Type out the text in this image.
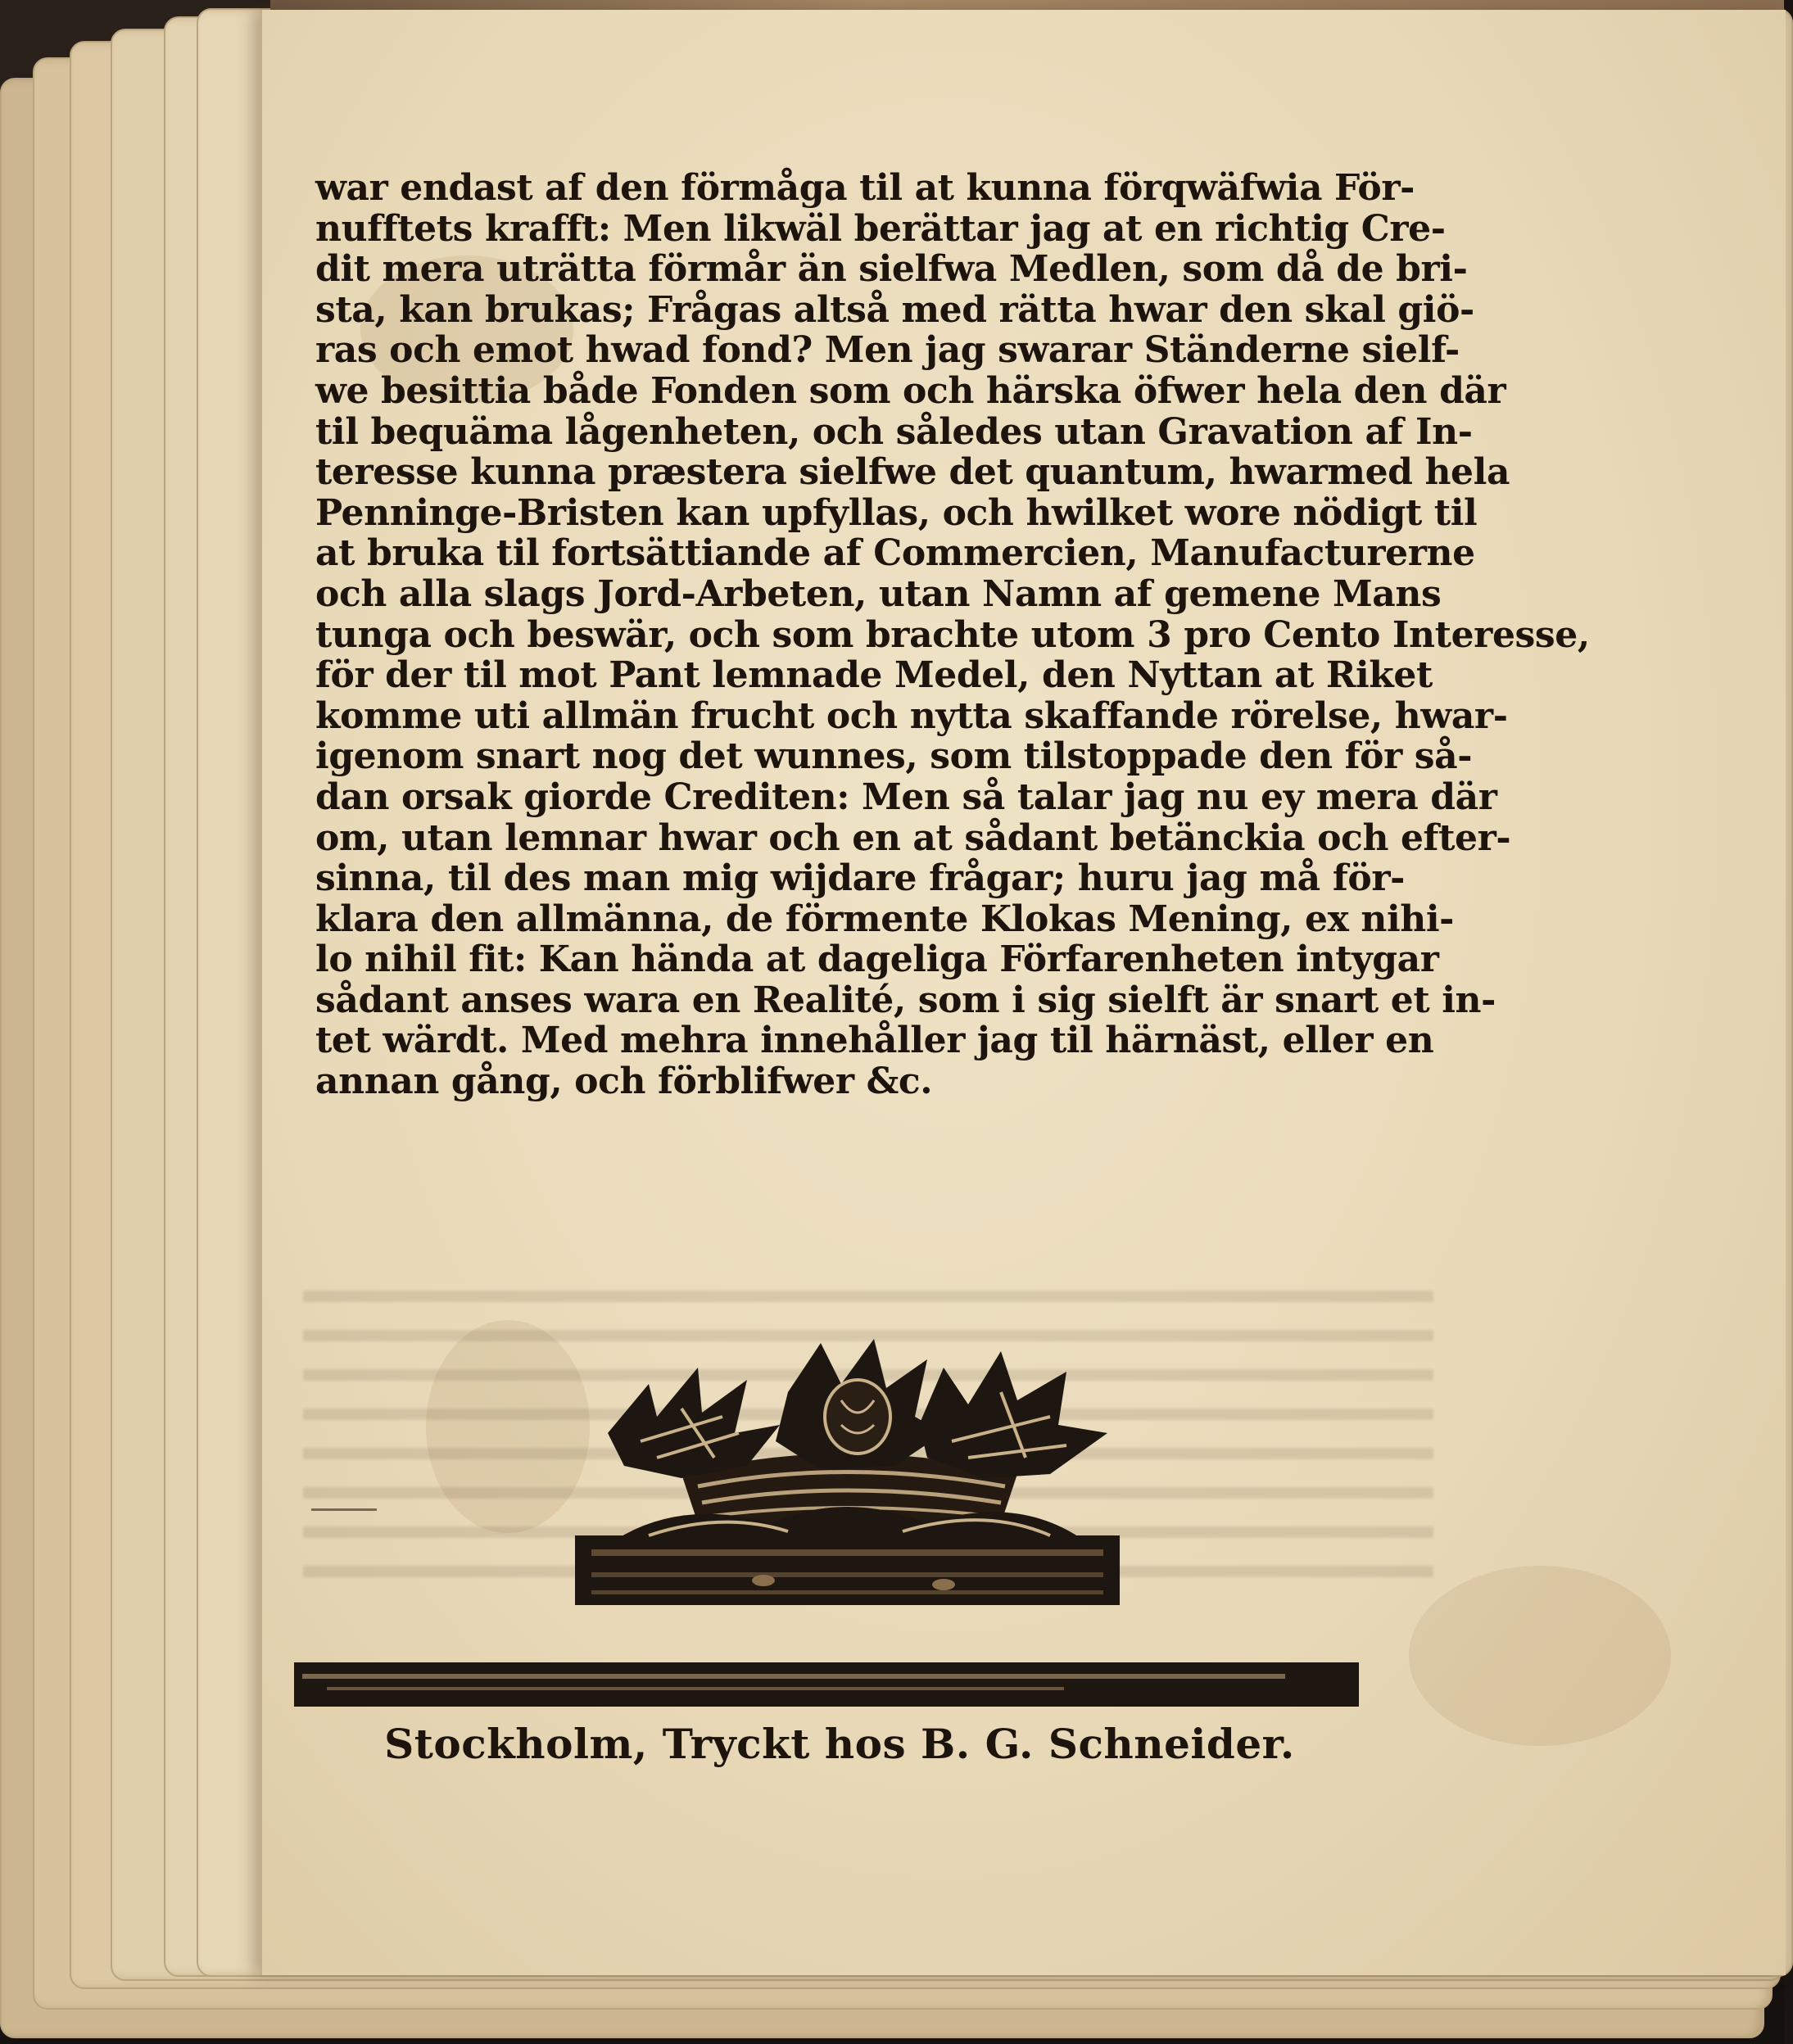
war endast af den förmåga til at kunna förqwäfwia För-
nufftets krafft: Men likwäl berättar jag at en richtig Cre-
dit mera uträtta förmår än sielfwa Medlen, som då de bri-
sta, kan brukas; Frågas altså med rätta hwar den skal giö-
ras och emot hwad fond? Men jag swarar Ständerne sielf-
we besittia både Fonden som och härska öfwer hela den där
til bequäma lågenheten, och således utan Gravation af In-
teresse kunna præstera sielfwe det quantum, hwarmed hela
Penninge-Bristen kan upfyllas, och hwilket wore nödigt til
at bruka til fortsättiande af Commercien, Manufacturerne
och alla slags Jord-Arbeten, utan Namn af gemene Mans
tunga och beswär, och som brachte utom 3 pro Cento Interesse,
för der til mot Pant lemnade Medel, den Nyttan at Riket
komme uti allmän frucht och nytta skaffande rörelse, hwar-
igenom snart nog det wunnes, som tilstoppade den för så-
dan orsak giorde Crediten: Men så talar jag nu ey mera där
om, utan lemnar hwar och en at sådant betänckia och efter-
sinna, til des man mig wijdare frågar; huru jag må för-
klara den allmänna, de förmente Klokas Mening, ex nihi-
lo nihil fit: Kan hända at dageliga Förfarenheten intygar
sådant anses wara en Realité, som i sig sielft är snart et in-
tet wärdt. Med mehra innehåller jag til härnäst, eller en
annan gång, och förblifwer &c.
Stockholm, Tryckt hos B. G. Schneider.
